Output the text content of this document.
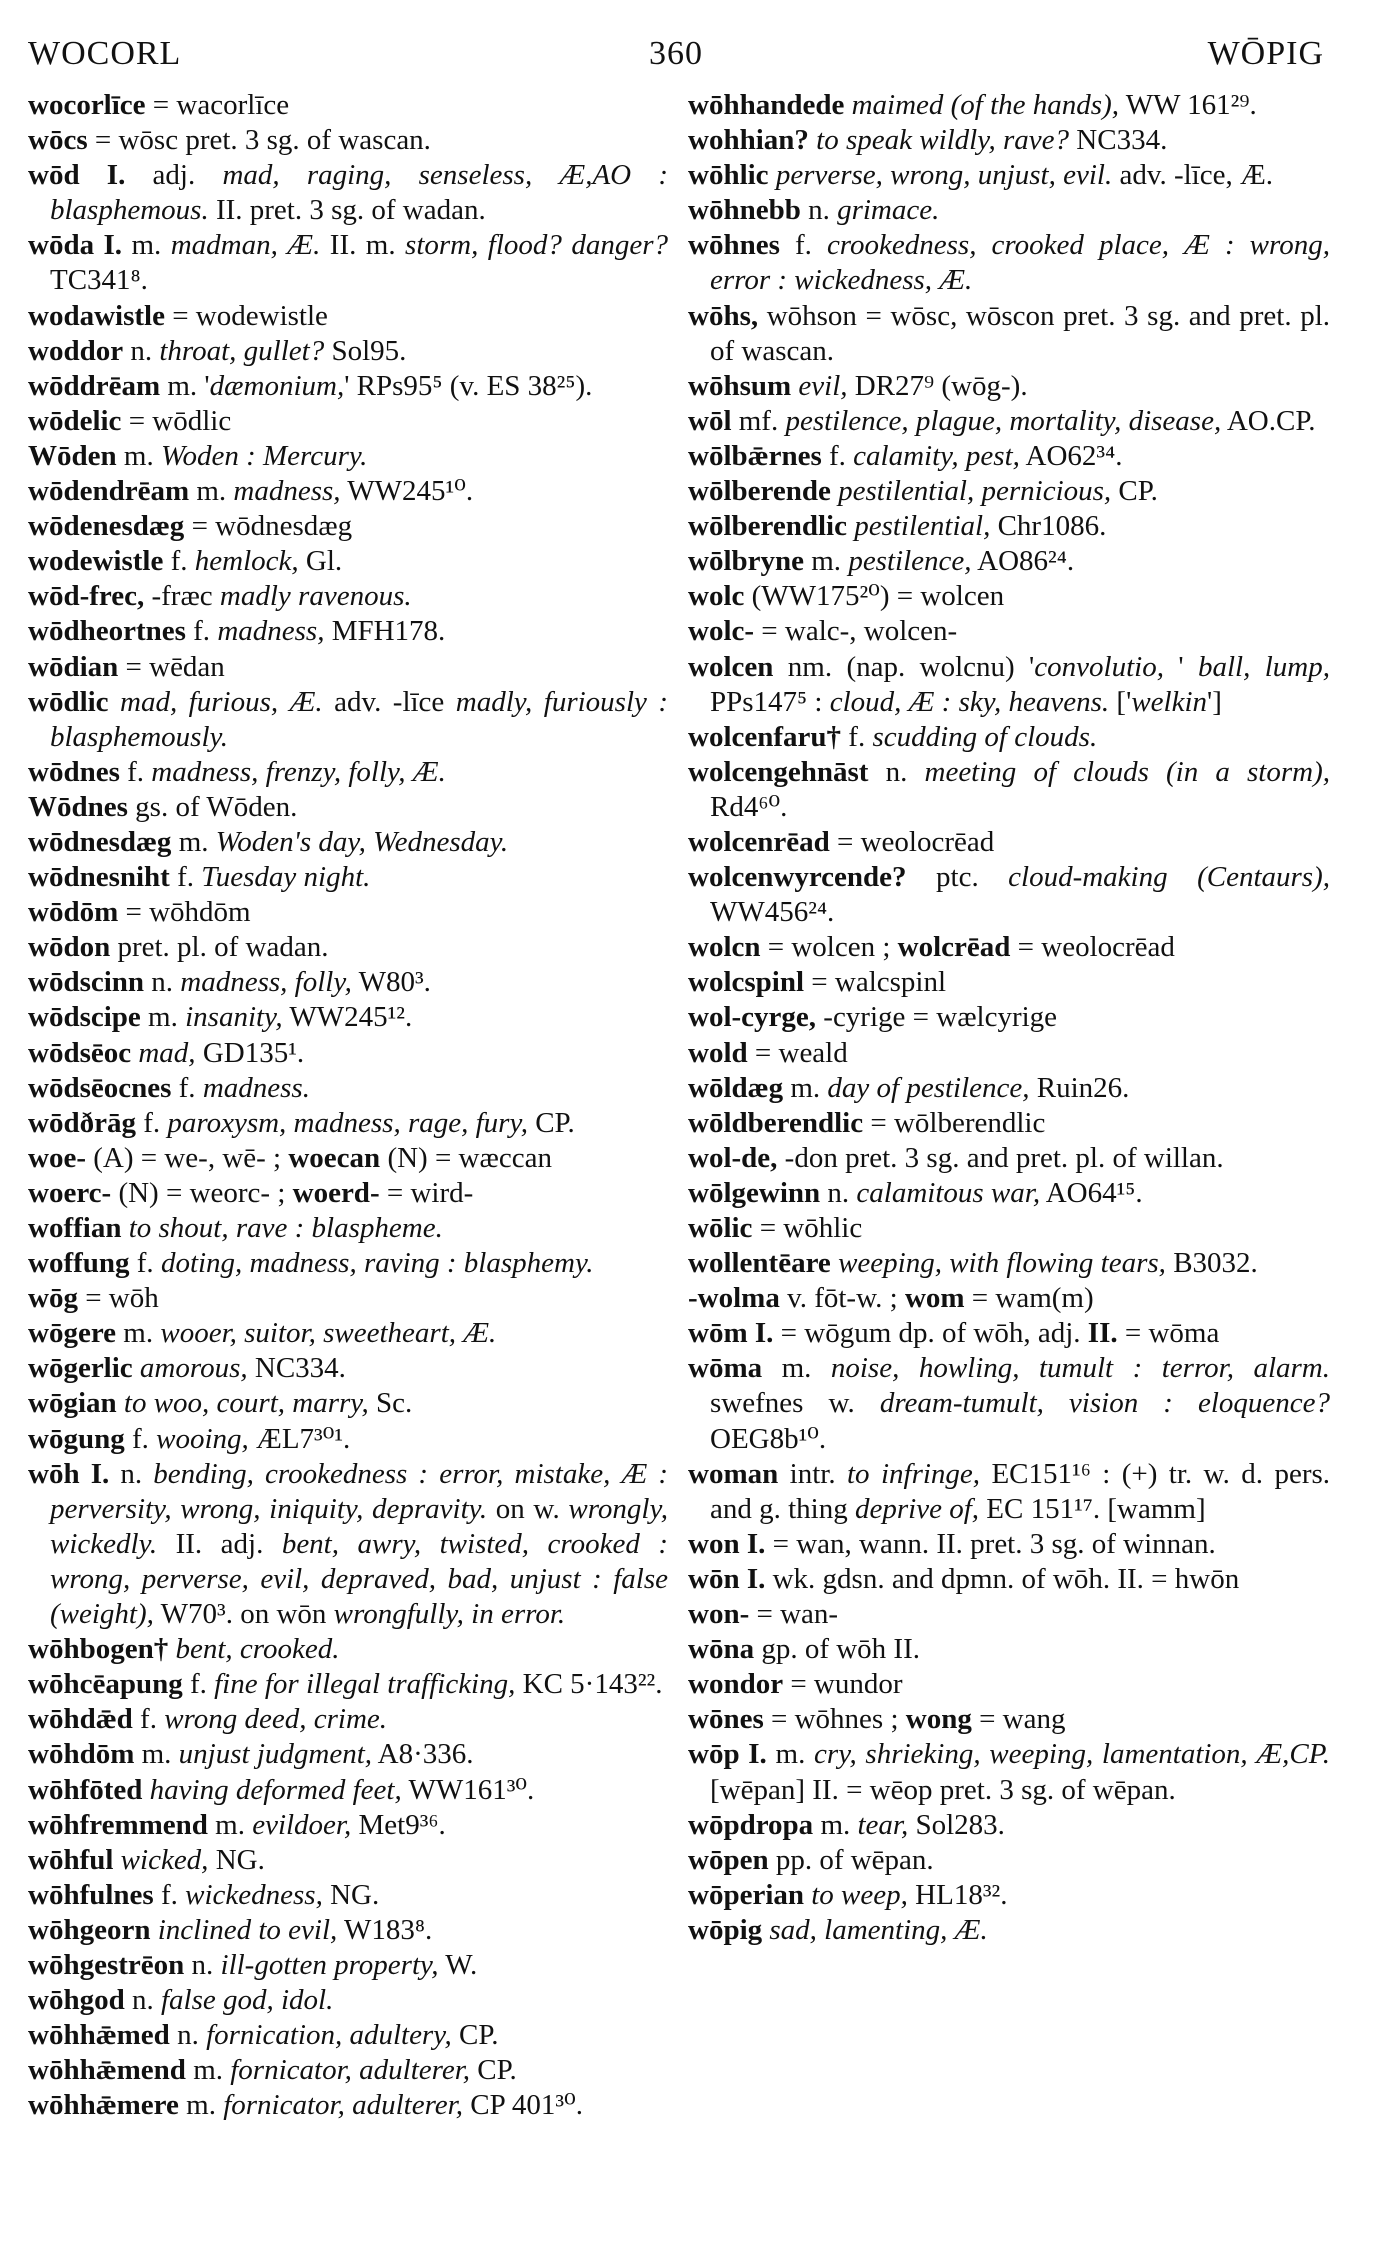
WOCORL	360	WŌPIG

wocorlīce = wacorlīce

wōcs = wōsc pret. 3 sg. of wascan.

wōd I. adj. mad, raging, senseless, Æ,AO : blasphemous. II. pret. 3 sg. of wadan.

wōda I. m. madman, Æ. II. m. storm, flood? danger? TC341⁸.

wodawistle = wodewistle

woddor n. throat, gullet? Sol95.

wōddrēam m. 'dæmonium,' RPs95⁵ (v. ES 38²⁵).

wōdelic = wōdlic

Wōden m. Woden : Mercury.

wōdendrēam m. madness, WW245¹⁰.

wōdenesdæg = wōdnesdæg

wodewistle f. hemlock, Gl.

wōd-frec, -fræc madly ravenous.

wōdheortnes f. madness, MFH178.

wōdian = wēdan

wōdlic mad, furious, Æ. adv. -līce madly, furiously : blasphemously.

wōdnes f. madness, frenzy, folly, Æ.

Wōdnes gs. of Wōden.

wōdnesdæg m. Woden's day, Wednesday.

wōdnesniht f. Tuesday night.

wōdōm = wōhdōm

wōdon pret. pl. of wadan.

wōdscinn n. madness, folly, W80³.

wōdscipe m. insanity, WW245¹².

wōdsēoc mad, GD135¹.

wōdsēocnes f. madness.

wōdðrāg f. paroxysm, madness, rage, fury, CP.

woe- (A) = we-, wē- ; woecan (N) = wæccan

woerc- (N) = weorc- ; woerd- = wird-

woffian to shout, rave : blaspheme.

woffung f. doting, madness, raving : blasphemy.

wōg = wōh

wōgere m. wooer, suitor, sweetheart, Æ.

wōgerlic amorous, NC334.

wōgian to woo, court, marry, Sc.

wōgung f. wooing, ÆL7³⁰¹.

wōh I. n. bending, crookedness : error, mistake, Æ : perversity, wrong, iniquity, depravity. on w. wrongly, wickedly. II. adj. bent, awry, twisted, crooked : wrong, perverse, evil, depraved, bad, unjust : false (weight), W70³. on wōn wrongfully, in error.

wōhbogen† bent, crooked.

wōhcēapung f. fine for illegal trafficking, KC 5·143²².

wōhdǣd f. wrong deed, crime.

wōhdōm m. unjust judgment, A8·336.

wōhfōted having deformed feet, WW161³⁰.

wōhfremmend m. evildoer, Met9³⁶.

wōhful wicked, NG.

wōhfulnes f. wickedness, NG.

wōhgeorn inclined to evil, W183⁸.

wōhgestrēon n. ill-gotten property, W.

wōhgod n. false god, idol.

wōhhǣmed n. fornication, adultery, CP.

wōhhǣmend m. fornicator, adulterer, CP.

wōhhǣmere m. fornicator, adulterer, CP 401³⁰.

wōhhandede maimed (of the hands), WW 161²⁹.

wohhian? to speak wildly, rave? NC334.

wōhlic perverse, wrong, unjust, evil. adv. -līce, Æ.

wōhnebb n. grimace.

wōhnes f. crookedness, crooked place, Æ : wrong, error : wickedness, Æ.

wōhs, wōhson = wōsc, wōscon pret. 3 sg. and pret. pl. of wascan.

wōhsum evil, DR27⁹ (wōg-).

wōl mf. pestilence, plague, mortality, disease, AO.CP.

wōlbǣrnes f. calamity, pest, AO62³⁴.

wōlberende pestilential, pernicious, CP.

wōlberendlic pestilential, Chr1086.

wōlbryne m. pestilence, AO86²⁴.

wolc (WW175²⁰) = wolcen

wolc- = walc-, wolcen-

wolcen nm. (nap. wolcnu) 'convolutio, ' ball, lump, PPs147⁵ : cloud, Æ : sky, heavens. ['welkin']

wolcenfaru† f. scudding of clouds.

wolcengehnāst n. meeting of clouds (in a storm), Rd4⁶⁰.

wolcenrēad = weolocrēad

wolcenwyrcende? ptc. cloud-making (Centaurs), WW456²⁴.

wolcn = wolcen ; wolcrēad = weolocrēad

wolcspinl = walcspinl

wol-cyrge, -cyrige = wælcyrige

wold = weald

wōldæg m. day of pestilence, Ruin26.

wōldberendlic = wōlberendlic

wol-de, -don pret. 3 sg. and pret. pl. of willan.

wōlgewinn n. calamitous war, AO64¹⁵.

wōlic = wōhlic

wollentēare weeping, with flowing tears, B3032.

-wolma v. fōt-w. ; wom = wam(m)

wōm I. = wōgum dp. of wōh, adj. II. = wōma

wōma m. noise, howling, tumult : terror, alarm. swefnes w. dream-tumult, vision : eloquence? OEG8b¹⁰.

woman intr. to infringe, EC151¹⁶ : (+) tr. w. d. pers. and g. thing deprive of, EC 151¹⁷. [wamm]

won I. = wan, wann. II. pret. 3 sg. of winnan.

wōn I. wk. gdsn. and dpmn. of wōh. II. = hwōn

won- = wan-

wōna gp. of wōh II.

wondor = wundor

wōnes = wōhnes ; wong = wang

wōp I. m. cry, shrieking, weeping, lamentation, Æ,CP. [wēpan] II. = wēop pret. 3 sg. of wēpan.

wōpdropa m. tear, Sol283.

wōpen pp. of wēpan.

wōperian to weep, HL18³².

wōpig sad, lamenting, Æ.
